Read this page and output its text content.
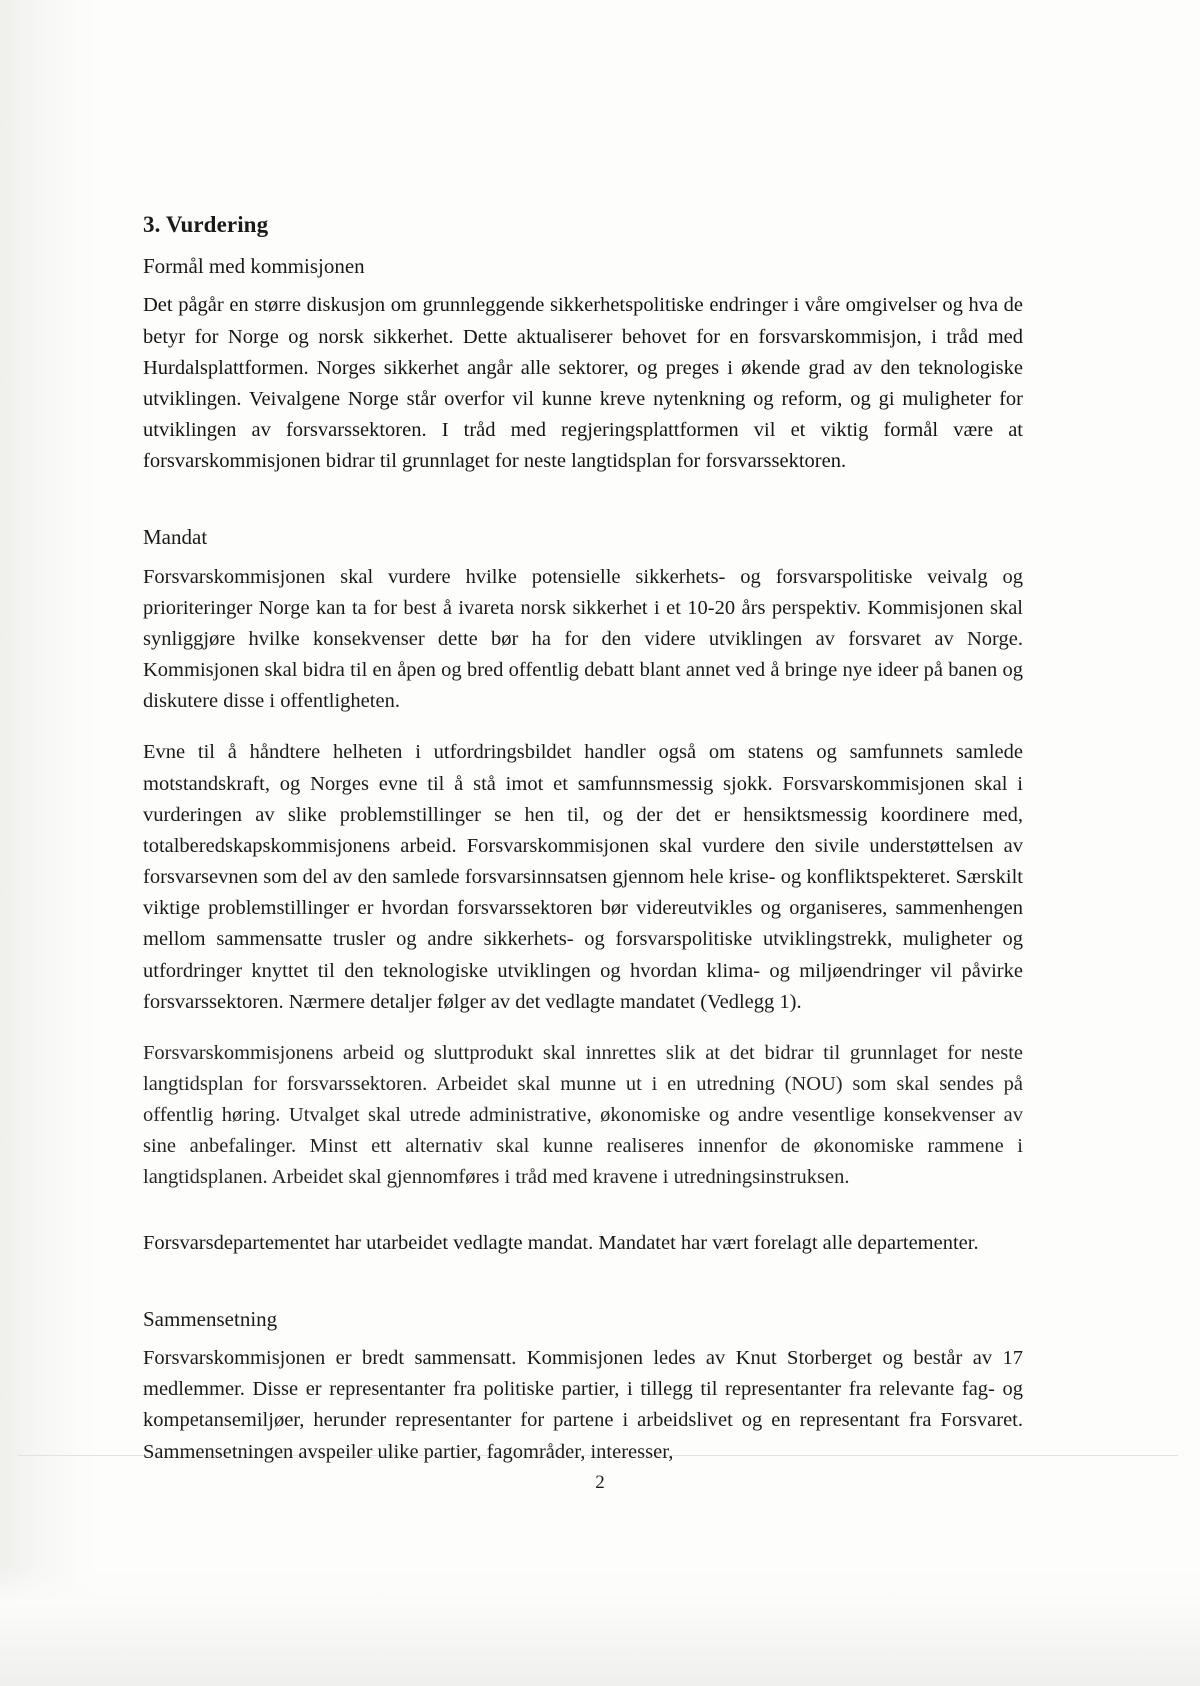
3. Vurdering
Formål med kommisjonen

Det pågår en større diskusjon om grunnleggende sikkerhetspolitiske endringer i våre omgivelser og hva de betyr for Norge og norsk sikkerhet. Dette aktualiserer behovet for en forsvarskommisjon, i tråd med Hurdalsplattformen. Norges sikkerhet angår alle sektorer, og preges i økende grad av den teknologiske utviklingen. Veivalgene Norge står overfor vil kunne kreve nytenkning og reform, og gi muligheter for utviklingen av forsvarssektoren. I tråd med regjeringsplattformen vil et viktig formål være at forsvarskommisjonen bidrar til grunnlaget for neste langtidsplan for forsvarssektoren.

Mandat

Forsvarskommisjonen skal vurdere hvilke potensielle sikkerhets- og forsvarspolitiske veivalg og prioriteringer Norge kan ta for best å ivareta norsk sikkerhet i et 10-20 års perspektiv. Kommisjonen skal synliggjøre hvilke konsekvenser dette bør ha for den videre utviklingen av forsvaret av Norge. Kommisjonen skal bidra til en åpen og bred offentlig debatt blant annet ved å bringe nye ideer på banen og diskutere disse i offentligheten.

Evne til å håndtere helheten i utfordringsbildet handler også om statens og samfunnets samlede motstandskraft, og Norges evne til å stå imot et samfunnsmessig sjokk. Forsvarskommisjonen skal i vurderingen av slike problemstillinger se hen til, og der det er hensiktsmessig koordinere med, totalberedskapskommisjonens arbeid. Forsvarskommisjonen skal vurdere den sivile understøttelsen av forsvarsevnen som del av den samlede forsvarsinnsatsen gjennom hele krise- og konfliktspekteret. Særskilt viktige problemstillinger er hvordan forsvarssektoren bør videreutvikles og organiseres, sammenhengen mellom sammensatte trusler og andre sikkerhets- og forsvarspolitiske utviklingstrekk, muligheter og utfordringer knyttet til den teknologiske utviklingen og hvordan klima- og miljøendringer vil påvirke forsvarssektoren. Nærmere detaljer følger av det vedlagte mandatet (Vedlegg 1).

Forsvarskommisjonens arbeid og sluttprodukt skal innrettes slik at det bidrar til grunnlaget for neste langtidsplan for forsvarssektoren. Arbeidet skal munne ut i en utredning (NOU) som skal sendes på offentlig høring. Utvalget skal utrede administrative, økonomiske og andre vesentlige konsekvenser av sine anbefalinger. Minst ett alternativ skal kunne realiseres innenfor de økonomiske rammene i langtidsplanen. Arbeidet skal gjennomføres i tråd med kravene i utredningsinstruksen.

Forsvarsdepartementet har utarbeidet vedlagte mandat. Mandatet har vært forelagt alle departementer.

Sammensetning

Forsvarskommisjonen er bredt sammensatt. Kommisjonen ledes av Knut Storberget og består av 17 medlemmer. Disse er representanter fra politiske partier, i tillegg til representanter fra relevante fag- og kompetansemiljøer, herunder representanter for partene i arbeidslivet og en representant fra Forsvaret. Sammensetningen avspeiler ulike partier, fagområder, interesser,

2
